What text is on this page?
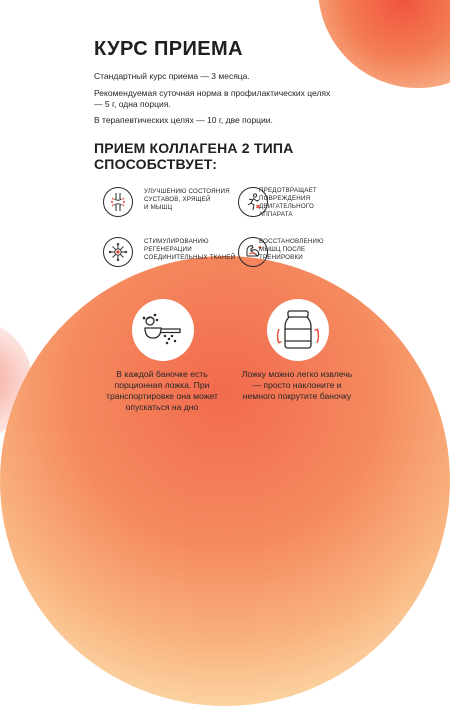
КУРС ПРИЕМА
Стандартный курс приема — 3 месяца.
Рекомендуемая суточная норма в профилактических целях
— 5 г, одна порция.
В терапевтических целях — 10 г, две порции.
ПРИЕМ КОЛЛАГЕНА 2 ТИПА
СПОСОБСТВУЕТ:
УЛУЧШЕНИЮ СОСТОЯНИЯ
СУСТАВОВ, ХРЯЩЕЙ
И МЫШЦ
ПРЕДОТВРАЩАЕТ
ПОВРЕЖДЕНИЯ
ДВИГАТЕЛЬНОГО
АППАРАТА
СТИМУЛИРОВАНИЮ
РЕГЕНЕРАЦИИ
СОЕДИНИТЕЛЬНЫХ ТКАНЕЙ
ВОССТАНОВЛЕНИЮ
МЫШЦ ПОСЛЕ
ТРЕНИРОВКИ
В каждой баночке есть
порционная ложка. При
транспортировке она может
опускаться на дно
Ложку можно легко извлечь
— просто наклоните и
немного покрутите баночку
